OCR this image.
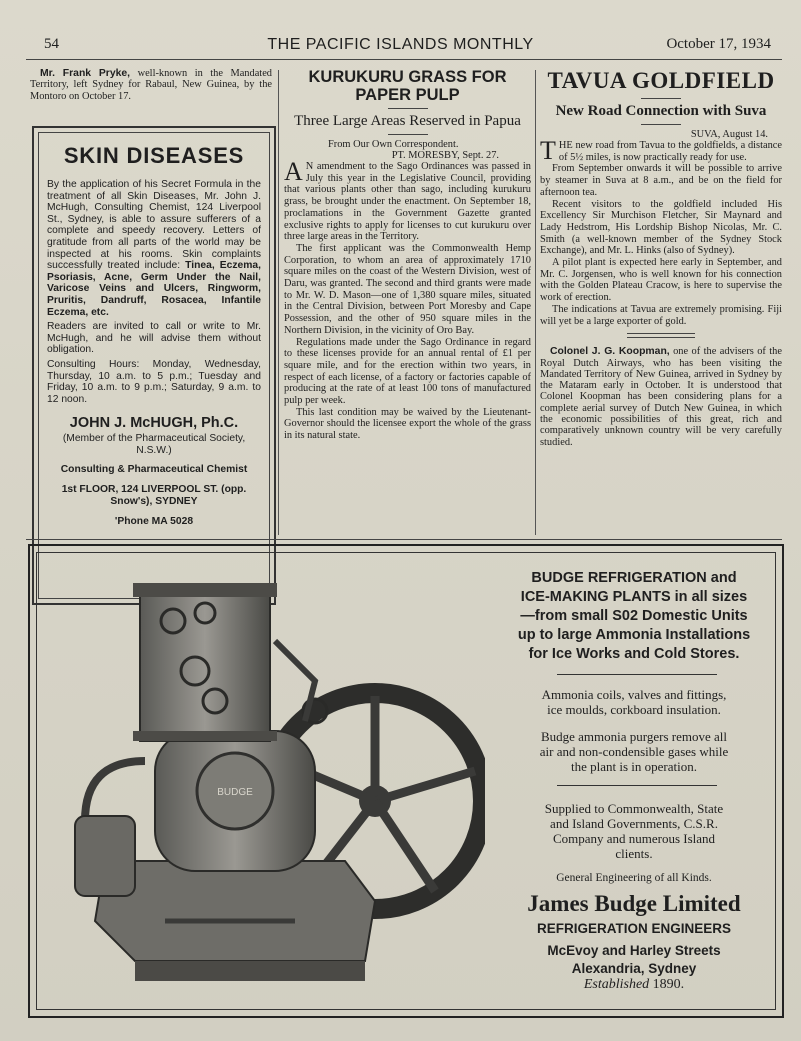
54	THE PACIFIC ISLANDS MONTHLY	October 17, 1934

Mr. Frank Pryke, well-known in the Mandated Territory, left Sydney for Rabaul, New Guinea, by the Montoro on October 17.

SKIN DISEASES

By the application of his Secret Formula in the treatment of all Skin Diseases, Mr. John J. McHugh, Consulting Chemist, 124 Liverpool St., Sydney, is able to assure sufferers of a complete and speedy recovery. Letters of gratitude from all parts of the world may be inspected at his rooms. Skin complaints successfully treated include: Tinea, Eczema, Psoriasis, Acne, Germ Under the Nail, Varicose Veins and Ulcers, Ringworm, Pruritis, Dandruff, Rosacea, Infantile Eczema, etc.

Readers are invited to call or write to Mr. McHugh, and he will advise them without obligation.

Consulting Hours: Monday, Wednesday, Thursday, 10 a.m. to 5 p.m.; Tuesday and Friday, 10 a.m. to 9 p.m.; Saturday, 9 a.m. to 12 noon.

JOHN J. McHUGH, Ph.C.

(Member of the Pharmaceutical Society, N.S.W.)

Consulting & Pharmaceutical Chemist

1st FLOOR, 124 LIVERPOOL ST. (opp. Snow's), SYDNEY

'Phone MA 5028

KURUKURU GRASS FOR PAPER PULP
Three Large Areas Reserved in Papua

From Our Own Correspondent.

PT. MORESBY, Sept. 27.

A N amendment to the Sago Ordinances was passed in July this year in the Legislative Council, providing that various plants other than sago, including kurukuru grass, be brought under the enactment. On September 18, proclamations in the Government Gazette granted exclusive rights to apply for licenses to cut kurukuru over three large areas in the Territory.

The first applicant was the Commonwealth Hemp Corporation, to whom an area of approximately 1710 square miles on the coast of the Western Division, west of Daru, was granted. The second and third grants were made to Mr. W. D. Mason—one of 1,380 square miles, situated in the Central Division, between Port Moresby and Cape Possession, and the other of 950 square miles in the Northern Division, in the vicinity of Oro Bay.

Regulations made under the Sago Ordinance in regard to these licenses provide for an annual rental of £1 per square mile, and for the erection within two years, in respect of each license, of a factory or factories capable of producing at the rate of at least 100 tons of manufactured pulp per week.

This last condition may be waived by the Lieutenant-Governor should the licensee export the whole of the grass in its natural state.

TAVUA GOLDFIELD
New Road Connection with Suva

SUVA, August 14.

THE new road from Tavua to the goldfields, a distance of 5½ miles, is now practically ready for use.

From September onwards it will be possible to arrive by steamer in Suva at 8 a.m., and be on the field for afternoon tea.

Recent visitors to the goldfield included His Excellency Sir Murchison Fletcher, Sir Maynard and Lady Hedstrom, His Lordship Bishop Nicolas, Mr. C. Smith (a well-known member of the Sydney Stock Exchange), and Mr. L. Hinks (also of Sydney).

A pilot plant is expected here early in September, and Mr. C. Jorgensen, who is well known for his connection with the Golden Plateau Cracow, is here to supervise the work of erection.

The indications at Tavua are extremely promising. Fiji will yet be a large exporter of gold.

Colonel J. G. Koopman, one of the advisers of the Royal Dutch Airways, who has been visiting the Mandated Territory of New Guinea, arrived in Sydney by the Mataram early in October. It is understood that Colonel Koopman has been considering plans for a complete aerial survey of Dutch New Guinea, in which the economic possibilities of this great, rich and comparatively unknown country will be very carefully studied.

BUDGE
BUDGE REFRIGERATION and
ICE-MAKING PLANTS in all sizes
—from small S02 Domestic Units
up to large Ammonia Installations
for Ice Works and Cold Stores.
Ammonia coils, valves and fittings,
ice moulds, corkboard insulation.
Budge ammonia purgers remove all
air and non-condensible gases while
the plant is in operation.
Supplied to Commonwealth, State
and Island Governments, C.S.R.
Company and numerous Island
clients.
General Engineering of all Kinds.
James Budge Limited
REFRIGERATION ENGINEERS
McEvoy and Harley Streets
Alexandria, Sydney
Established 1890.
